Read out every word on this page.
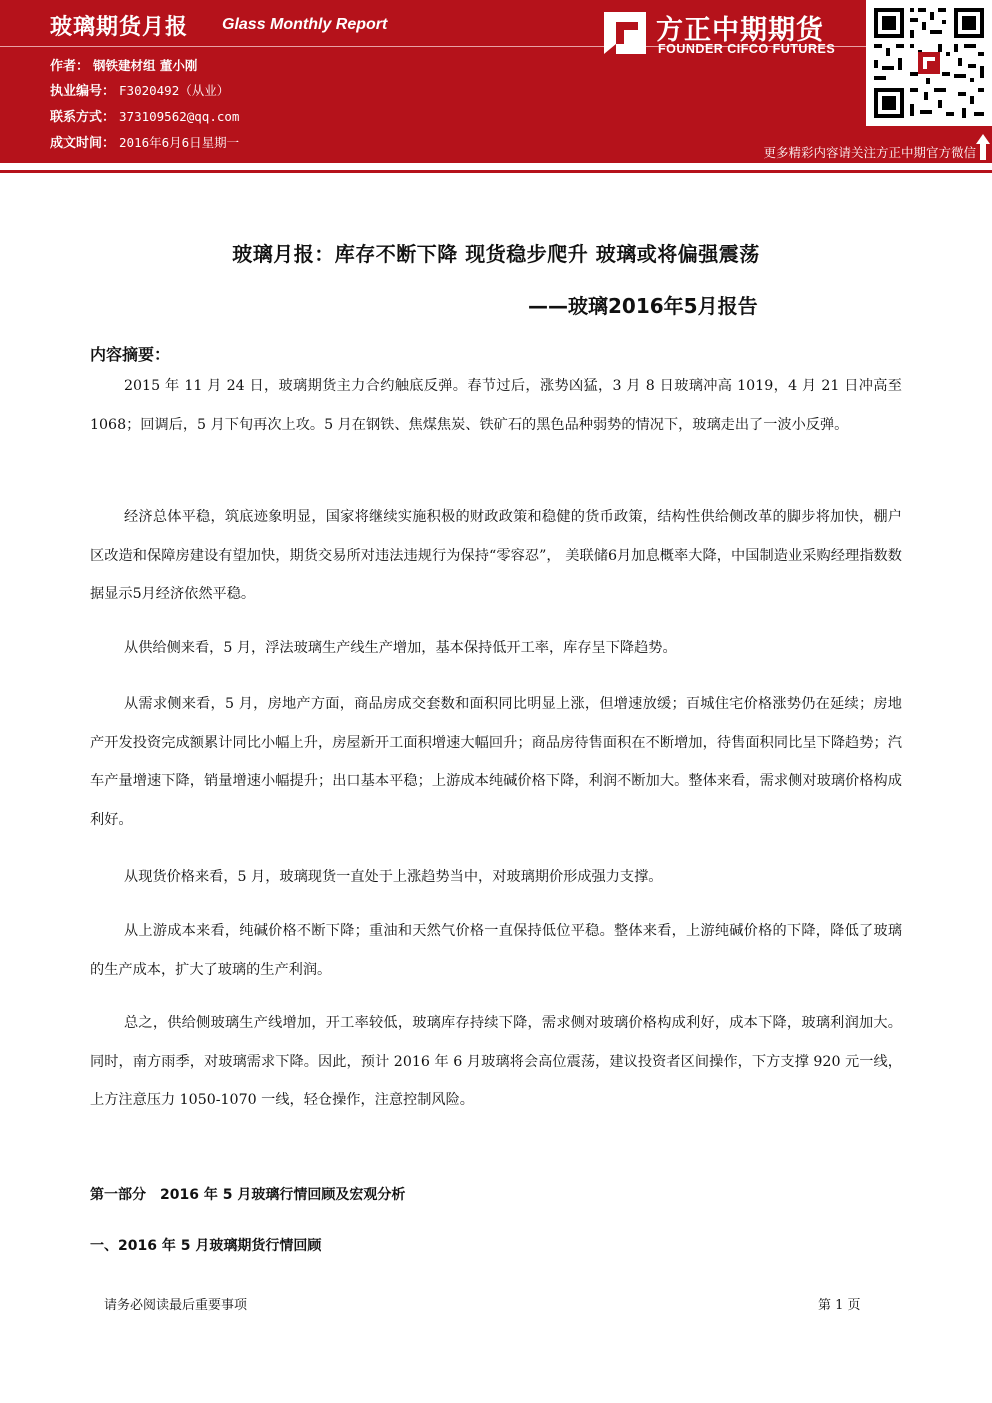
玻璃期货月报 Glass Monthly Report
作者： 钢铁建材组 董小刚
执业编号： F3020492（从业）
联系方式： 373109562@qq.com
成文时间： 2016年6月6日星期一
方正中期期货
FOUNDER CIFCO FUTURES
更多精彩内容请关注方正中期官方微信
玻璃月报：库存不断下降 现货稳步爬升 玻璃或将偏强震荡
——玻璃2016年5月报告
内容摘要：

2015 年 11 月 24 日，玻璃期货主力合约触底反弹。春节过后，涨势凶猛，3 月 8 日玻璃冲高 1019，4 月 21 日冲高至 1068；回调后，5 月下旬再次上攻。5 月在钢铁、焦煤焦炭、铁矿石的黑色品种弱势的情况下，玻璃走出了一波小反弹。

经济总体平稳，筑底迹象明显，国家将继续实施积极的财政政策和稳健的货币政策，结构性供给侧改革的脚步将加快，棚户区改造和保障房建设有望加快，期货交易所对违法违规行为保持“零容忍”， 美联储6月加息概率大降，中国制造业采购经理指数数据显示5月经济依然平稳。

从供给侧来看，5 月，浮法玻璃生产线生产增加，基本保持低开工率，库存呈下降趋势。

从需求侧来看，5 月，房地产方面，商品房成交套数和面积同比明显上涨，但增速放缓；百城住宅价格涨势仍在延续；房地产开发投资完成额累计同比小幅上升，房屋新开工面积增速大幅回升；商品房待售面积在不断增加，待售面积同比呈下降趋势；汽车产量增速下降，销量增速小幅提升；出口基本平稳；上游成本纯碱价格下降，利润不断加大。整体来看，需求侧对玻璃价格构成利好。

从现货价格来看，5 月，玻璃现货一直处于上涨趋势当中，对玻璃期价形成强力支撑。

从上游成本来看，纯碱价格不断下降；重油和天然气价格一直保持低位平稳。整体来看，上游纯碱价格的下降，降低了玻璃的生产成本，扩大了玻璃的生产利润。

总之，供给侧玻璃生产线增加，开工率较低，玻璃库存持续下降，需求侧对玻璃价格构成利好，成本下降，玻璃利润加大。同时，南方雨季，对玻璃需求下降。因此，预计 2016 年 6 月玻璃将会高位震荡，建议投资者区间操作，下方支撑 920 元一线，上方注意压力 1050-1070 一线，轻仓操作，注意控制风险。

第一部分　2016 年 5 月玻璃行情回顾及宏观分析
一、2016 年 5 月玻璃期货行情回顾
请务必阅读最后重要事项	第 1 页
